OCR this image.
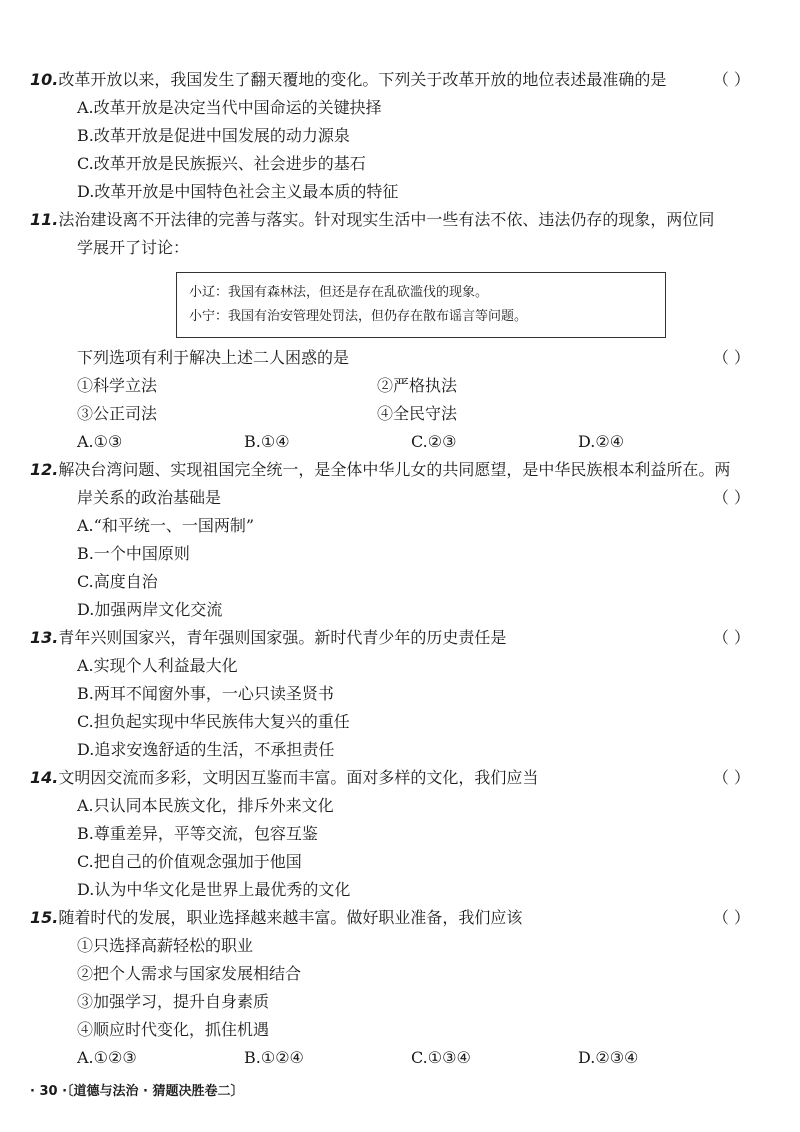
10.改革开放以来，我国发生了翻天覆地的变化。下列关于改革开放的地位表述最准确的是	（ ）
A.改革开放是决定当代中国命运的关键抉择
B.改革开放是促进中国发展的动力源泉
C.改革开放是民族振兴、社会进步的基石
D.改革开放是中国特色社会主义最本质的特征
11.法治建设离不开法律的完善与落实。针对现实生活中一些有法不依、违法仍存的现象，两位同
学展开了讨论：
小辽：我国有森林法，但还是存在乱砍滥伐的现象。
小宁：我国有治安管理处罚法，但仍存在散布谣言等问题。
下列选项有利于解决上述二人困惑的是	（ ）
①科学立法	②严格执法
③公正司法	④全民守法
A.①③	B.①④	C.②③	D.②④
12.解决台湾问题、实现祖国完全统一，是全体中华儿女的共同愿望，是中华民族根本利益所在。两
岸关系的政治基础是	（ ）
A.“和平统一、一国两制”
B.一个中国原则
C.高度自治
D.加强两岸文化交流
13.青年兴则国家兴，青年强则国家强。新时代青少年的历史责任是	（ ）
A.实现个人利益最大化
B.两耳不闻窗外事，一心只读圣贤书
C.担负起实现中华民族伟大复兴的重任
D.追求安逸舒适的生活，不承担责任
14.文明因交流而多彩，文明因互鉴而丰富。面对多样的文化，我们应当	（ ）
A.只认同本民族文化，排斥外来文化
B.尊重差异，平等交流，包容互鉴
C.把自己的价值观念强加于他国
D.认为中华文化是世界上最优秀的文化
15.随着时代的发展，职业选择越来越丰富。做好职业准备，我们应该	（ ）
①只选择高薪轻松的职业
②把个人需求与国家发展相结合
③加强学习，提升自身素质
④顺应时代变化，抓住机遇
A.①②③	B.①②④	C.①③④	D.②③④
· 30 ·〔道德与法治 · 猜题决胜卷二〕
